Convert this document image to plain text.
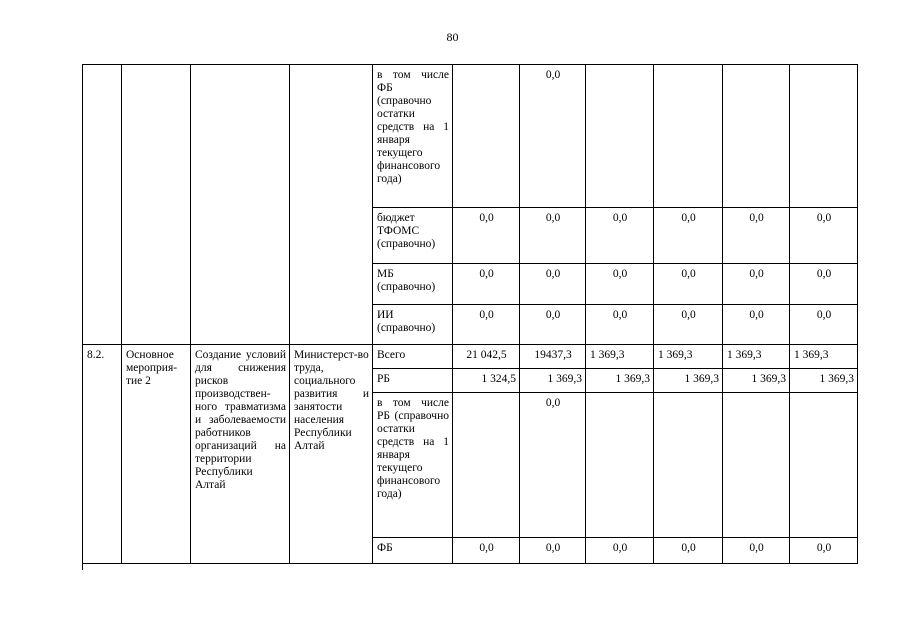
80
				в том числе ФБ (справочно остатки средств на 1 января текущего финансового года)		0,0				
				бюджет ТФОМС (справочно)	0,0	0,0	0,0	0,0	0,0	0,0
				МБ (справочно)	0,0	0,0	0,0	0,0	0,0	0,0
				ИИ (справочно)	0,0	0,0	0,0	0,0	0,0	0,0
8.2.	Основное мероприя-тие 2	Создание условий для снижения рисков производствен-ного травматизма и заболеваемости работников организаций на территории Республики Алтай	Министерст-во труда, социального развития и занятости населения Республики Алтай	Всего	21 042,5	19437,3	1 369,3	1 369,3	1 369,3	1 369,3
				РБ	1 324,5	1 369,3	1 369,3	1 369,3	1 369,3	1 369,3
				в том числе РБ (справочно остатки средств на 1 января текущего финансового года)		0,0				
				ФБ	0,0	0,0	0,0	0,0	0,0	0,0
